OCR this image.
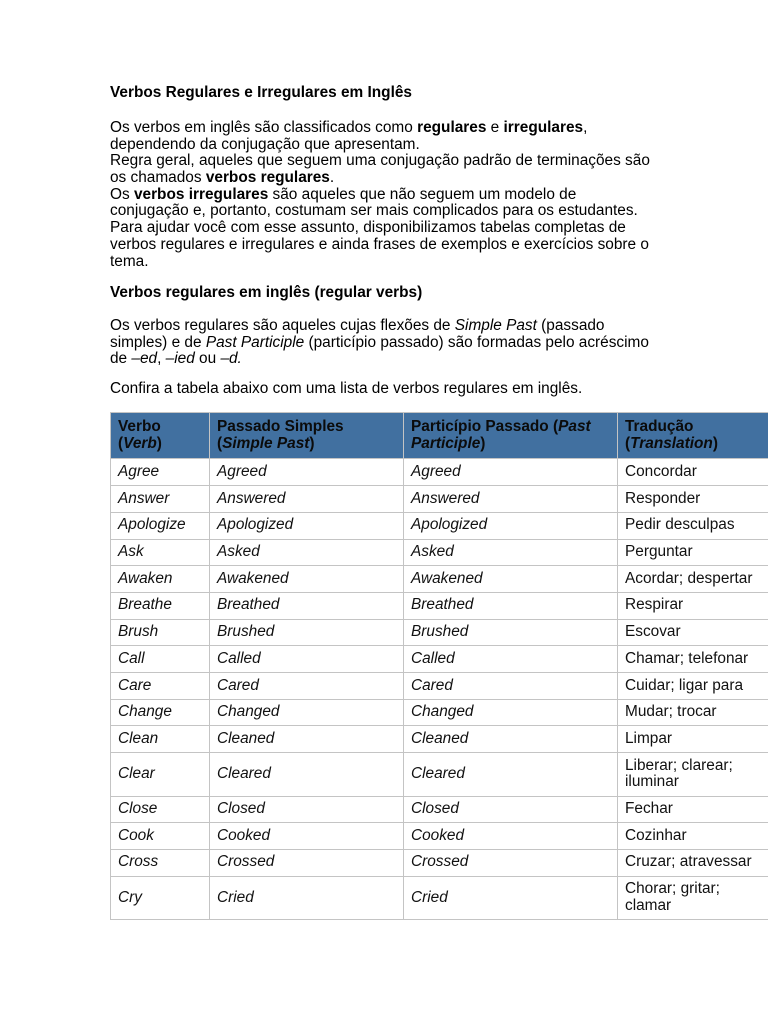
Verbos Regulares e Irregulares em Inglês
Os verbos em inglês são classificados como regulares e irregulares,
dependendo da conjugação que apresentam.
Regra geral, aqueles que seguem uma conjugação padrão de terminações são
os chamados verbos regulares.
Os verbos irregulares são aqueles que não seguem um modelo de
conjugação e, portanto, costumam ser mais complicados para os estudantes.
Para ajudar você com esse assunto, disponibilizamos tabelas completas de
verbos regulares e irregulares e ainda frases de exemplos e exercícios sobre o
tema.
Verbos regulares em inglês (regular verbs)
Os verbos regulares são aqueles cujas flexões de Simple Past (passado
simples) e de Past Participle (particípio passado) são formadas pelo acréscimo
de –ed, –ied ou –d.
Confira a tabela abaixo com uma lista de verbos regulares em inglês.
Verbo (Verb)	Passado Simples (Simple Past)	Particípio Passado (Past Participle)	Tradução (Translation)
Agree	Agreed	Agreed	Concordar
Answer	Answered	Answered	Responder
Apologize	Apologized	Apologized	Pedir desculpas
Ask	Asked	Asked	Perguntar
Awaken	Awakened	Awakened	Acordar; despertar
Breathe	Breathed	Breathed	Respirar
Brush	Brushed	Brushed	Escovar
Call	Called	Called	Chamar; telefonar
Care	Cared	Cared	Cuidar; ligar para
Change	Changed	Changed	Mudar; trocar
Clean	Cleaned	Cleaned	Limpar
Clear	Cleared	Cleared	Liberar; clarear; iluminar
Close	Closed	Closed	Fechar
Cook	Cooked	Cooked	Cozinhar
Cross	Crossed	Crossed	Cruzar; atravessar
Cry	Cried	Cried	Chorar; gritar; clamar
